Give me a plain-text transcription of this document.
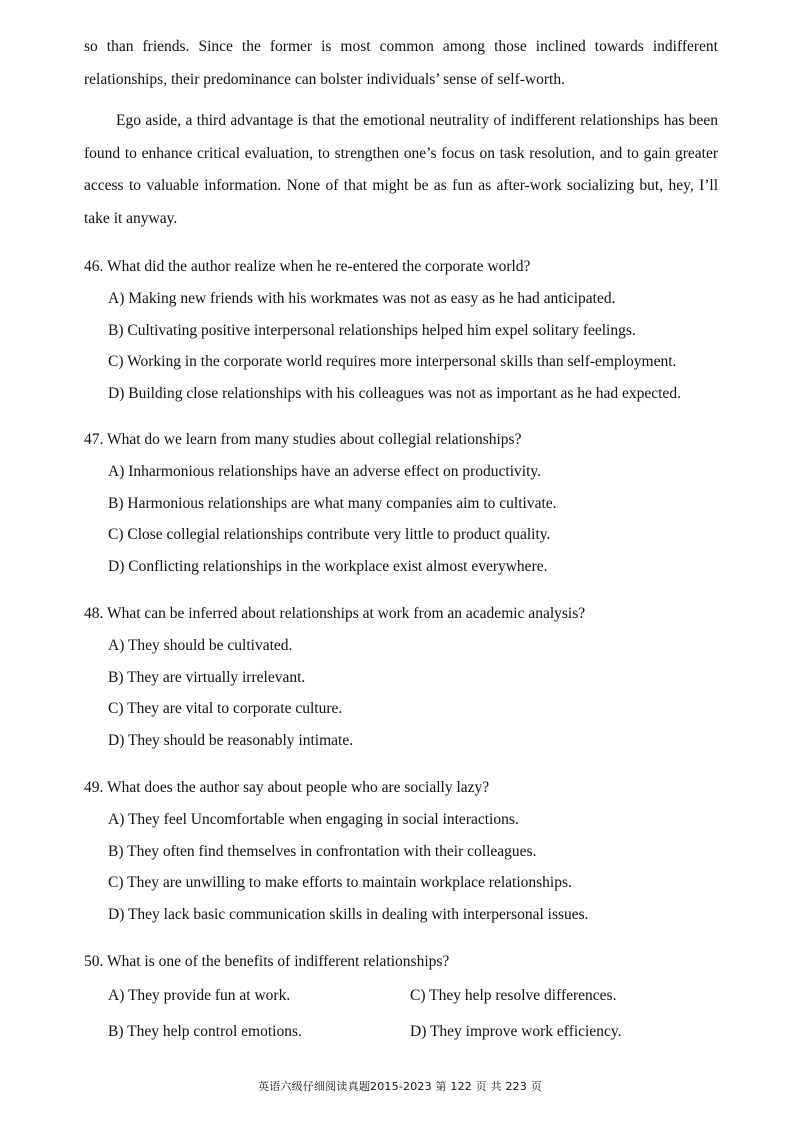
so than friends. Since the former is most common among those inclined towards indifferent relationships, their predominance can bolster individuals’ sense of self-worth.

Ego aside, a third advantage is that the emotional neutrality of indifferent relationships has been found to enhance critical evaluation, to strengthen one’s focus on task resolution, and to gain greater access to valuable information. None of that might be as fun as after-work socializing but, hey, I’ll take it anyway.

46. What did the author realize when he re-entered the corporate world?
A) Making new friends with his workmates was not as easy as he had anticipated.
B) Cultivating positive interpersonal relationships helped him expel solitary feelings.
C) Working in the corporate world requires more interpersonal skills than self-employment.
D) Building close relationships with his colleagues was not as important as he had expected.
47. What do we learn from many studies about collegial relationships?
A) Inharmonious relationships have an adverse effect on productivity.
B) Harmonious relationships are what many companies aim to cultivate.
C) Close collegial relationships contribute very little to product quality.
D) Conflicting relationships in the workplace exist almost everywhere.
48. What can be inferred about relationships at work from an academic analysis?
A) They should be cultivated.
B) They are virtually irrelevant.
C) They are vital to corporate culture.
D) They should be reasonably intimate.
49. What does the author say about people who are socially lazy?
A) They feel Uncomfortable when engaging in social interactions.
B) They often find themselves in confrontation with their colleagues.
C) They are unwilling to make efforts to maintain workplace relationships.
D) They lack basic communication skills in dealing with interpersonal issues.
50. What is one of the benefits of indifferent relationships?
A) They provide fun at work.	C) They help resolve differences.
B) They help control emotions.	D) They improve work efficiency.
英语六级仔细阅读真题2015-2023 第 122 页 共 223 页
